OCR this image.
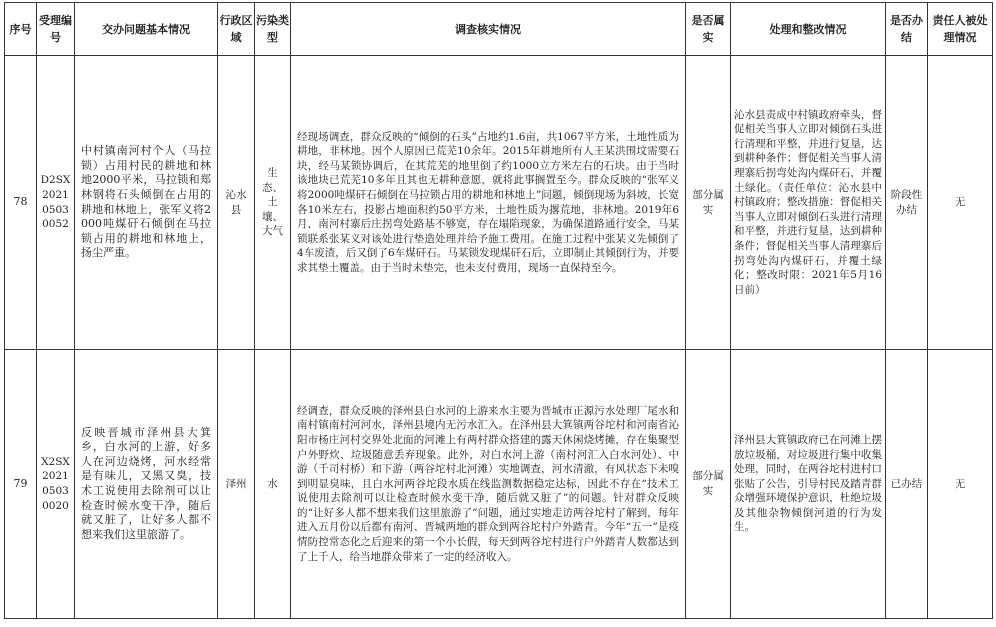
序号	受理编号	交办问题基本情况	行政区域	污染类型	调查核实情况	是否属实	处理和整改情况	是否办结	责任人被处理情况
78	D2SX20210503 0052	中村镇南河村个人（马拉锁）占用村民的耕地和林地2000平米，马拉锁和郑林钢将石头倾倒在占用的耕地和林地上，张军义将2000吨煤矸石倾倒在马拉锁占用的耕地和林地上，扬尘严重。	沁水县	生态、土壤、大气	经现场调查，群众反映的“倾倒的石头”占地约1.6亩，共1067平方米，土地性质为耕地，非林地。因个人原因已荒芜10余年。2015年耕地所有人王某洪围坟需要石块，经马某锁协调后，在其荒芜的地里倒了约1000立方米左右的石块。由于当时该地块已荒芜10多年且其也无耕种意愿，就将此事搁置至今。群众反映的“张军义将2000吨煤矸石倾倒在马拉锁占用的耕地和林地上”问题，倾倒现场为斜坡，长宽各10米左右，投影占地面积约50平方米，土地性质为撂荒地，非林地。2019年6月，南河村寨后庄拐弯处路基不够宽，存在塌陷现象，为确保道路通行安全，马某锁联系张某义对该处进行垫造处理并给予施工费用。在施工过程中张某义先倾倒了4车废渣，后又倒了6车煤矸石。马某锁发现煤矸石后，立即制止其倾倒行为，并要求其垫土覆盖。由于当时未垫完，也未支付费用，现场一直保持至今。	部分属实	沁水县责成中村镇政府牵头，督促相关当事人立即对倾倒石头进行清理和平整，并进行复垦，达到耕种条件；督促相关当事人清理寨后拐弯处沟内煤矸石，并覆土绿化。（责任单位：沁水县中村镇政府；整改措施：督促相关当事人立即对倾倒石头进行清理和平整，并进行复垦，达到耕种条件；督促相关当事人清理寨后拐弯处沟内煤矸石，并覆土绿化；整改时限：2021年5月16日前）	阶段性办结	无
79	X2SX20210503 0020	反映晋城市泽州县大箕乡，白水河的上游，好多人在河边烧烤，河水经常是有味儿，又黑又臭，技术工说使用去除剂可以让检查时候水变干净，随后就又脏了，让好多人都不想来我们这里旅游了。	泽州	水	经调查，群众反映的泽州县白水河的上游来水主要为晋城市正源污水处理厂尾水和南村镇南村河河水，泽州县境内无污水汇入。在泽州县大箕镇两谷坨村和河南省沁阳市杨庄河村交界处北面的河滩上有两村群众搭建的露天休闲烧烤摊，存在集聚型户外野炊、垃圾随意丢弃现象。此外，对白水河上游（南村河汇入白水河处）、中游（千司村桥）和下游（两谷坨村北河滩）实地调查，河水清澈，有风状态下未嗅到明显臭味，且白水河两谷坨段水质在线监测数据稳定达标，因此不存在“技术工说使用去除剂可以让检查时候水变干净，随后就又脏了”的问题。针对群众反映的“让好多人都不想来我们这里旅游了”问题，通过实地走访两谷坨村了解到，每年进入五月份以后都有南河、晋城两地的群众到两谷坨村户外踏青。今年“五一”是疫情防控常态化之后迎来的第一个小长假，每天到两谷坨村进行户外踏青人数都达到了上千人，给当地群众带来了一定的经济收入。	部分属实	泽州县大箕镇政府已在河滩上摆放垃圾桶，对垃圾进行集中收集处理，同时，在两谷坨村进村口张贴了公告，引导村民及踏青群众增强环境保护意识，杜绝垃圾及其他杂物倾倒河道的行为发生。	已办结	无
